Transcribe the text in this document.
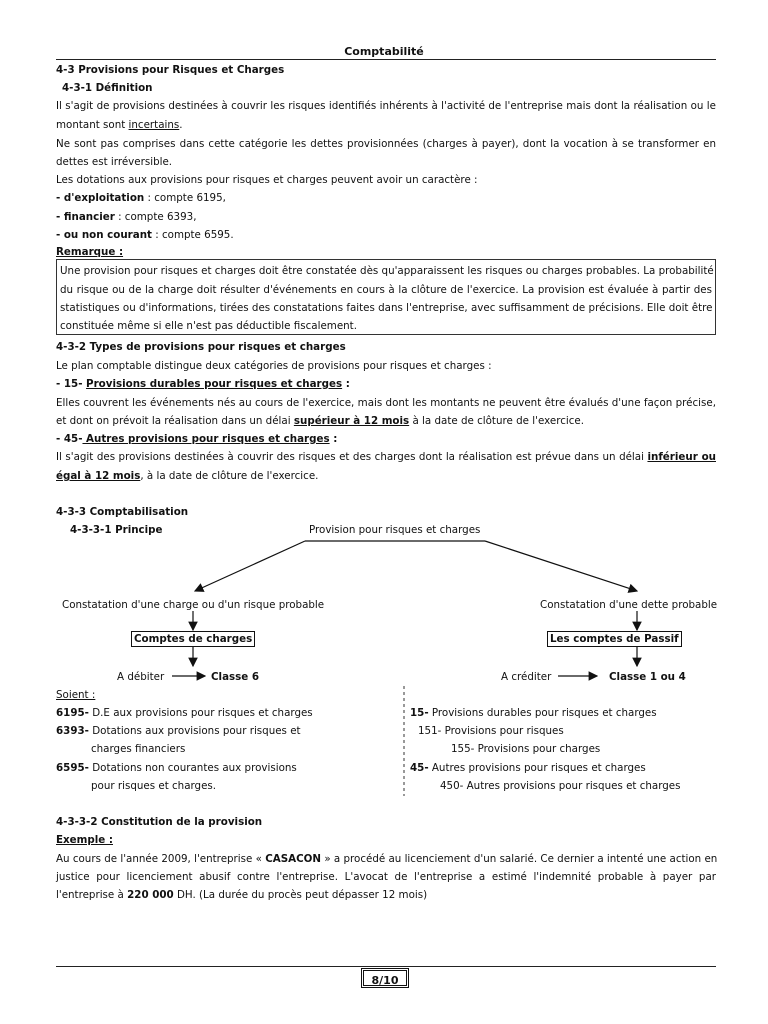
Comptabilité
4-3 Provisions pour Risques et Charges
4-3-1 Définition
Il s'agit de provisions destinées à couvrir les risques identifiés inhérents à l'activité de l'entreprise mais dont la réalisation ou le
montant sont incertains.
Ne sont pas comprises dans cette catégorie les dettes provisionnées (charges à payer), dont la vocation à se transformer en
dettes est irréversible.
Les dotations aux provisions pour risques et charges peuvent avoir un caractère :
- d'exploitation : compte 6195,
- financier : compte 6393,
- ou non courant : compte 6595.
Remarque :
Une provision pour risques et charges doit être constatée dès qu'apparaissent les risques ou charges probables. La probabilité
du risque ou de la charge doit résulter d'événements en cours à la clôture de l'exercice. La provision est évaluée à partir des
statistiques ou d'informations, tirées des constatations faites dans l'entreprise, avec suffisamment de précisions. Elle doit être
constituée même si elle n'est pas déductible fiscalement.
4-3-2 Types de provisions pour risques et charges
Le plan comptable distingue deux catégories de provisions pour risques et charges :
- 15- Provisions durables pour risques et charges :
Elles couvrent les événements nés au cours de l'exercice, mais dont les montants ne peuvent être évalués d'une façon précise,
et dont on prévoit la réalisation dans un délai supérieur à 12 mois à la date de clôture de l'exercice.
- 45- Autres provisions pour risques et charges :
Il s'agit des provisions destinées à couvrir des risques et des charges dont la réalisation est prévue dans un délai inférieur ou
égal à 12 mois, à la date de clôture de l'exercice.
4-3-3 Comptabilisation
4-3-3-1 Principe	Provision pour risques et charges
Constatation d'une charge ou d'un risque probable	Constatation d'une dette probable
Comptes de charges	Les comptes de Passif
A débiter	Classe 6	A créditer	Classe 1 ou 4
Soient :
6195- D.E aux provisions pour risques et charges
6393- Dotations aux provisions pour risques et
charges financiers
6595- Dotations non courantes aux provisions
pour risques et charges.
15- Provisions durables pour risques et charges
151- Provisions pour risques
155- Provisions pour charges
45- Autres provisions pour risques et charges
450- Autres provisions pour risques et charges
4-3-3-2 Constitution de la provision
Exemple :
Au cours de l'année 2009, l'entreprise « CASACON » a procédé au licenciement d'un salarié. Ce dernier a intenté une action en
justice pour licenciement abusif contre l'entreprise. L'avocat de l'entreprise a estimé l'indemnité probable à payer par
l'entreprise à 220 000 DH. (La durée du procès peut dépasser 12 mois)
8/10
